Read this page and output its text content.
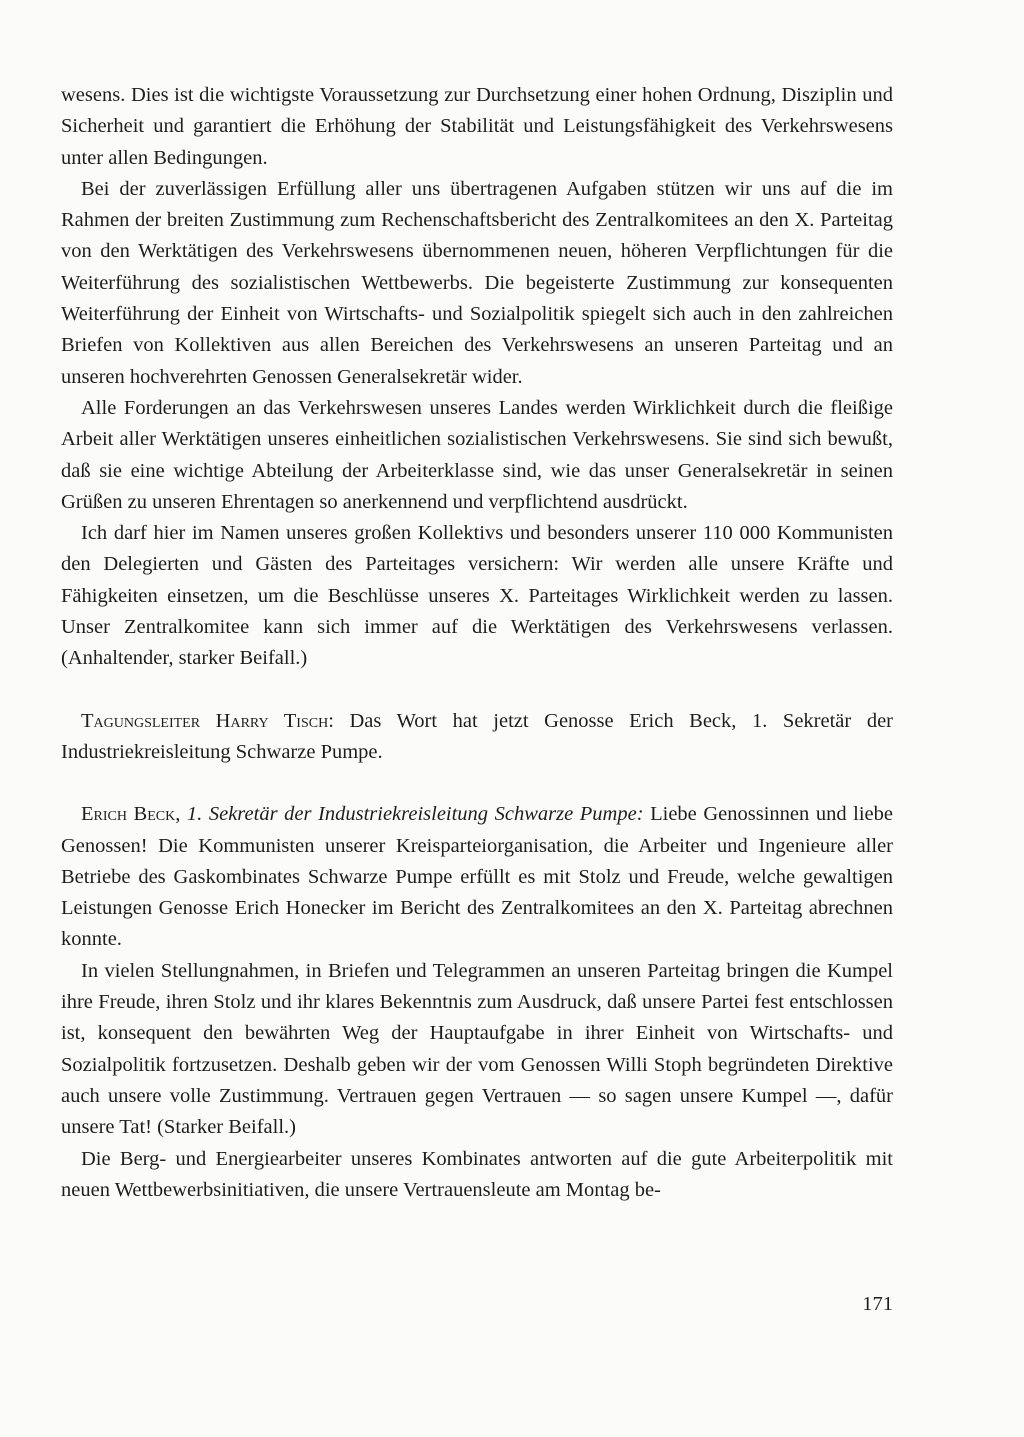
wesens. Dies ist die wichtigste Voraussetzung zur Durchsetzung einer hohen Ordnung, Disziplin und Sicherheit und garantiert die Erhöhung der Stabilität und Leistungsfähigkeit des Verkehrswesens unter allen Bedingungen.

Bei der zuverlässigen Erfüllung aller uns übertragenen Aufgaben stützen wir uns auf die im Rahmen der breiten Zustimmung zum Rechenschaftsbericht des Zentralkomitees an den X. Parteitag von den Werktätigen des Verkehrswesens übernommenen neuen, höheren Verpflichtungen für die Weiterführung des sozialistischen Wettbewerbs. Die begeisterte Zustimmung zur konsequenten Weiterführung der Einheit von Wirtschafts- und Sozialpolitik spiegelt sich auch in den zahlreichen Briefen von Kollektiven aus allen Bereichen des Verkehrswesens an unseren Parteitag und an unseren hochverehrten Genossen Generalsekretär wider.

Alle Forderungen an das Verkehrswesen unseres Landes werden Wirklichkeit durch die fleißige Arbeit aller Werktätigen unseres einheitlichen sozialistischen Verkehrswesens. Sie sind sich bewußt, daß sie eine wichtige Abteilung der Arbeiterklasse sind, wie das unser Generalsekretär in seinen Grüßen zu unseren Ehrentagen so anerkennend und verpflichtend ausdrückt.

Ich darf hier im Namen unseres großen Kollektivs und besonders unserer 110 000 Kommunisten den Delegierten und Gästen des Parteitages versichern: Wir werden alle unsere Kräfte und Fähigkeiten einsetzen, um die Beschlüsse unseres X. Parteitages Wirklichkeit werden zu lassen. Unser Zentralkomitee kann sich immer auf die Werktätigen des Verkehrswesens verlassen. (Anhaltender, starker Beifall.)

Tagungsleiter Harry Tisch: Das Wort hat jetzt Genosse Erich Beck, 1. Sekretär der Industriekreisleitung Schwarze Pumpe.

Erich Beck, 1. Sekretär der Industriekreisleitung Schwarze Pumpe: Liebe Genossinnen und liebe Genossen! Die Kommunisten unserer Kreisparteiorganisation, die Arbeiter und Ingenieure aller Betriebe des Gaskombinates Schwarze Pumpe erfüllt es mit Stolz und Freude, welche gewaltigen Leistungen Genosse Erich Honecker im Bericht des Zentralkomitees an den X. Parteitag abrechnen konnte.

In vielen Stellungnahmen, in Briefen und Telegrammen an unseren Parteitag bringen die Kumpel ihre Freude, ihren Stolz und ihr klares Bekenntnis zum Ausdruck, daß unsere Partei fest entschlossen ist, konsequent den bewährten Weg der Hauptaufgabe in ihrer Einheit von Wirtschafts- und Sozialpolitik fortzusetzen. Deshalb geben wir der vom Genossen Willi Stoph begründeten Direktive auch unsere volle Zustimmung. Vertrauen gegen Vertrauen — so sagen unsere Kumpel —, dafür unsere Tat! (Starker Beifall.)

Die Berg- und Energiearbeiter unseres Kombinates antworten auf die gute Arbeiterpolitik mit neuen Wettbewerbsinitiativen, die unsere Vertrauensleute am Montag be-

171
